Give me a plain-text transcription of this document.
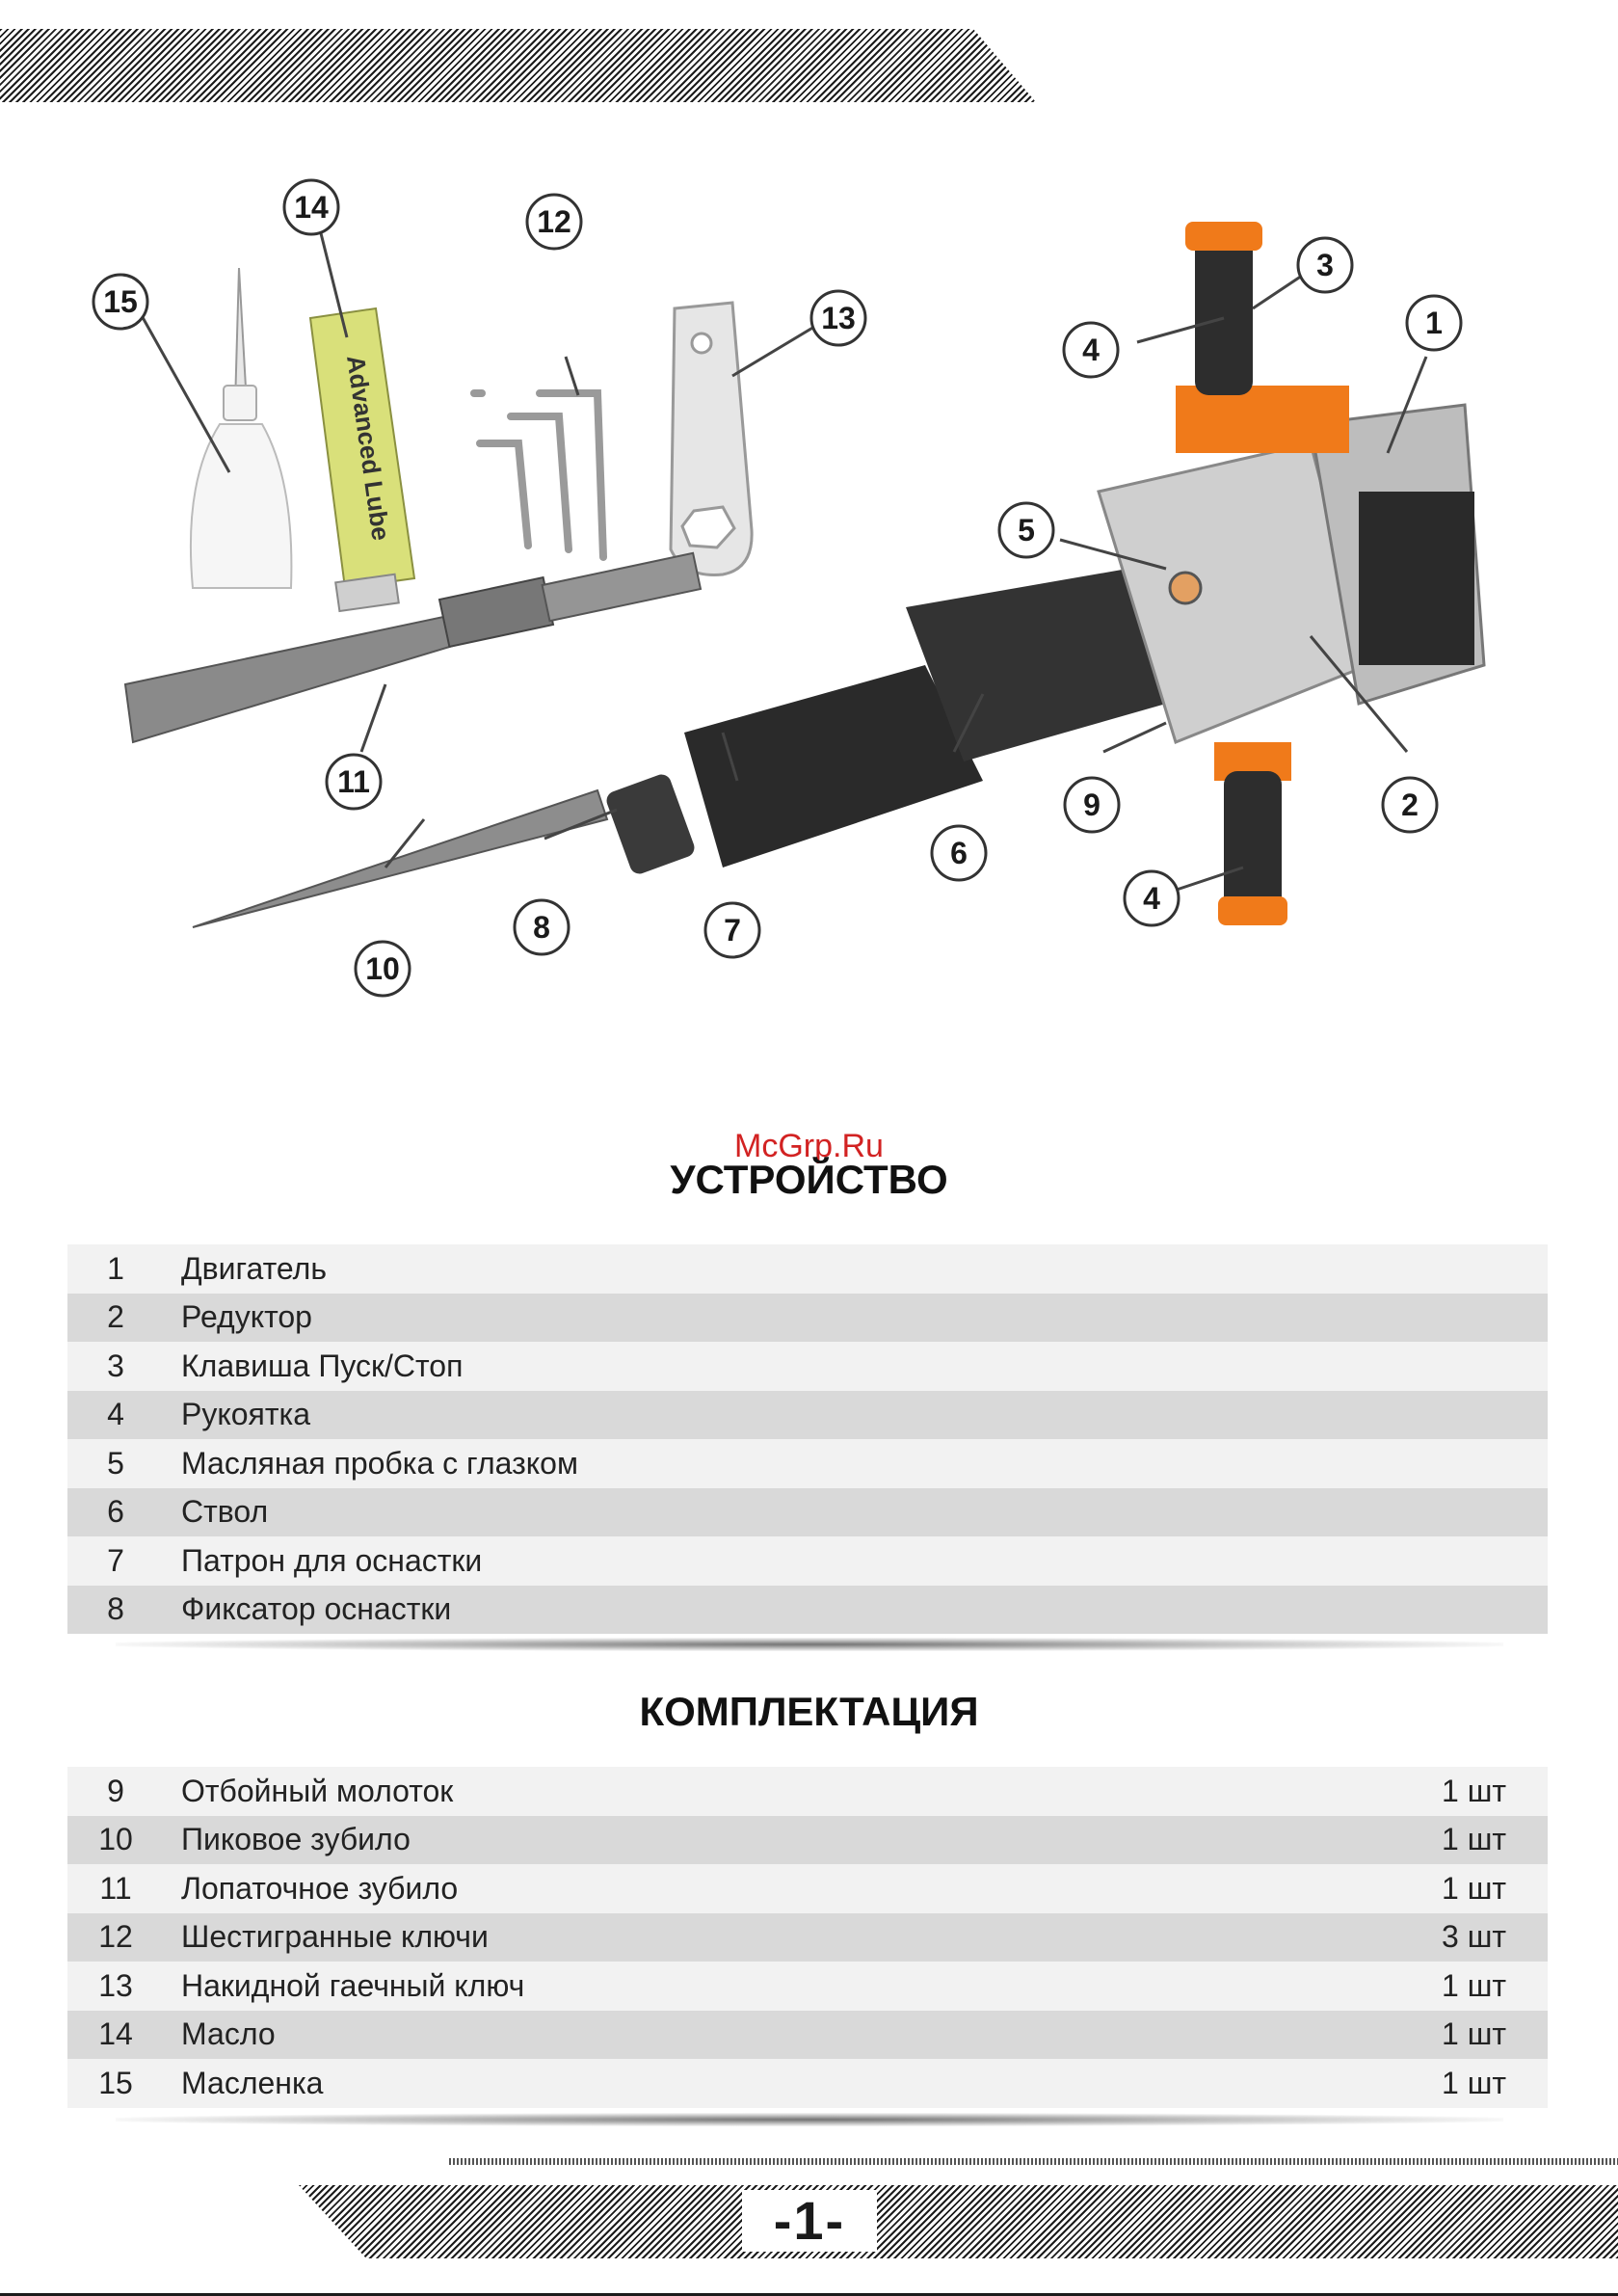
Advanced Lube
1
2
3
4
4
5
6
7
8
9
10
11
12
13
14
15
McGrp.Ru
УСТРОЙСТВО
1	Двигатель
2	Редуктор
3	Клавиша Пуск/Стоп
4	Рукоятка
5	Масляная пробка с глазком
6	Ствол
7	Патрон для оснастки
8	Фиксатор оснастки
КОМПЛЕКТАЦИЯ
9	Отбойный молоток	1 шт
10	Пиковое зубило	1 шт
11	Лопаточное зубило	1 шт
12	Шестигранные ключи	3 шт
13	Накидной гаечный ключ	1 шт
14	Масло	1 шт
15	Масленка	1 шт
-1-
